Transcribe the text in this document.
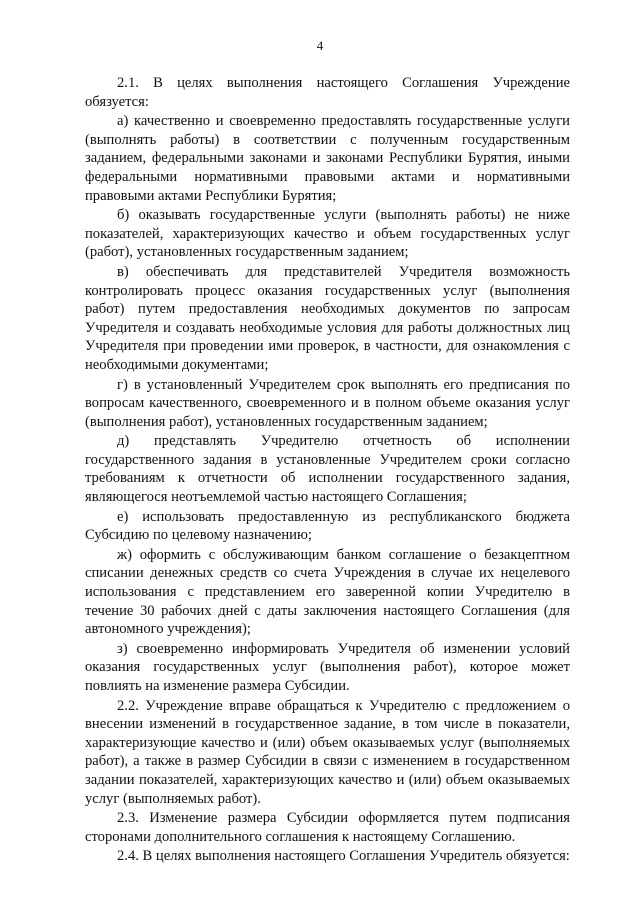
4

2.1. В целях выполнения настоящего Соглашения Учреждение обязуется:

а) качественно и своевременно предоставлять государственные услуги (выполнять работы) в соответствии с полученным государственным заданием, федеральными законами и законами Республики Бурятия, иными федеральными нормативными правовыми актами и нормативными правовыми актами Республики Бурятия;

б) оказывать государственные услуги (выполнять работы) не ниже показателей, характеризующих качество и объем государственных услуг (работ), установленных государственным заданием;

в) обеспечивать для представителей Учредителя возможность контролировать процесс оказания государственных услуг (выполнения работ) путем предоставления необходимых документов по запросам Учредителя и создавать необходимые условия для работы должностных лиц Учредителя при проведении ими проверок, в частности, для ознакомления с необходимыми документами;

г) в установленный Учредителем срок выполнять его предписания по вопросам качественного, своевременного и в полном объеме оказания услуг (выполнения работ), установленных государственным заданием;

д) представлять Учредителю отчетность об исполнении государственного задания в установленные Учредителем сроки согласно требованиям к отчетности об исполнении государственного задания, являющегося неотъемлемой частью настоящего Соглашения;

е) использовать предоставленную из республиканского бюджета Субсидию по целевому назначению;

ж) оформить с обслуживающим банком соглашение о безакцептном списании денежных средств со счета Учреждения в случае их нецелевого использования с представлением его заверенной копии Учредителю в течение 30 рабочих дней с даты заключения настоящего Соглашения (для автономного учреждения);

з) своевременно информировать Учредителя об изменении условий оказания государственных услуг (выполнения работ), которое может повлиять на изменение размера Субсидии.

2.2. Учреждение вправе обращаться к Учредителю с предложением о внесении изменений в государственное задание, в том числе в показатели, характеризующие качество и (или) объем оказываемых услуг (выполняемых работ), а также в размер Субсидии в связи с изменением в государственном задании показателей, характеризующих качество и (или) объем оказываемых услуг (выполняемых работ).

2.3. Изменение размера Субсидии оформляется путем подписания сторонами дополнительного соглашения к настоящему Соглашению.

2.4. В целях выполнения настоящего Соглашения Учредитель обязуется:
